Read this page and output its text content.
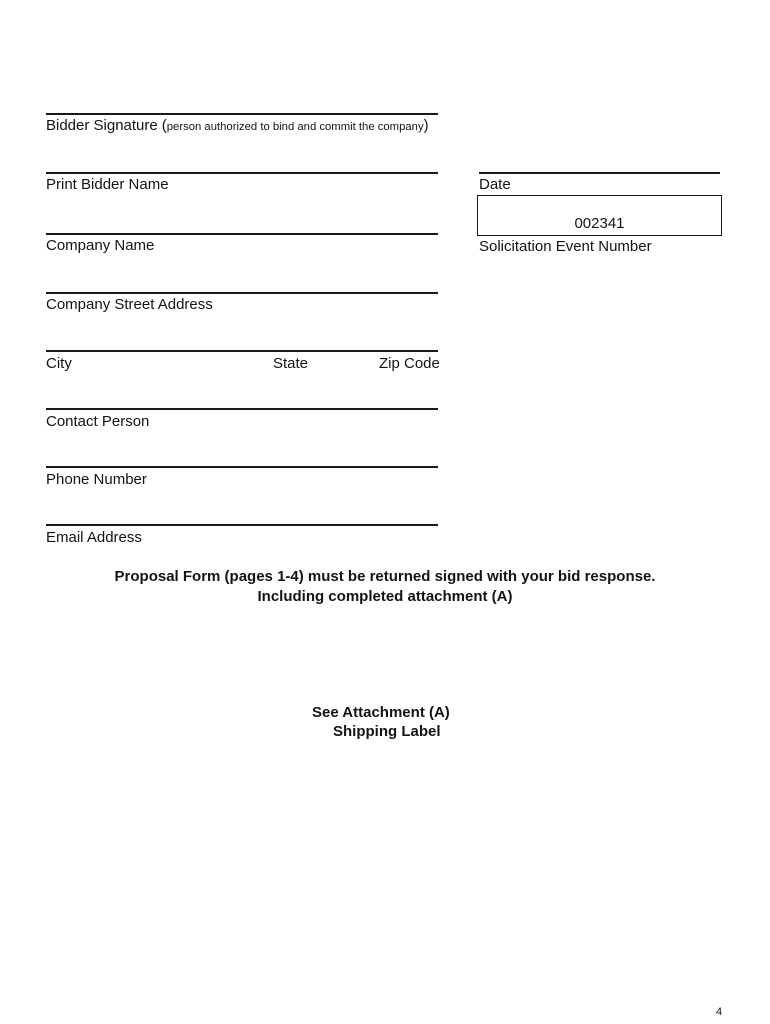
Bidder Signature (person authorized to bind and commit the company)
Print Bidder Name	Date
002341
Solicitation Event Number
Company Name
Company Street Address
City	State	Zip Code
Contact Person
Phone Number
Email Address
Proposal Form (pages 1-4) must be returned signed with your bid response.
Including completed attachment (A)
See Attachment (A)
Shipping Label
4
